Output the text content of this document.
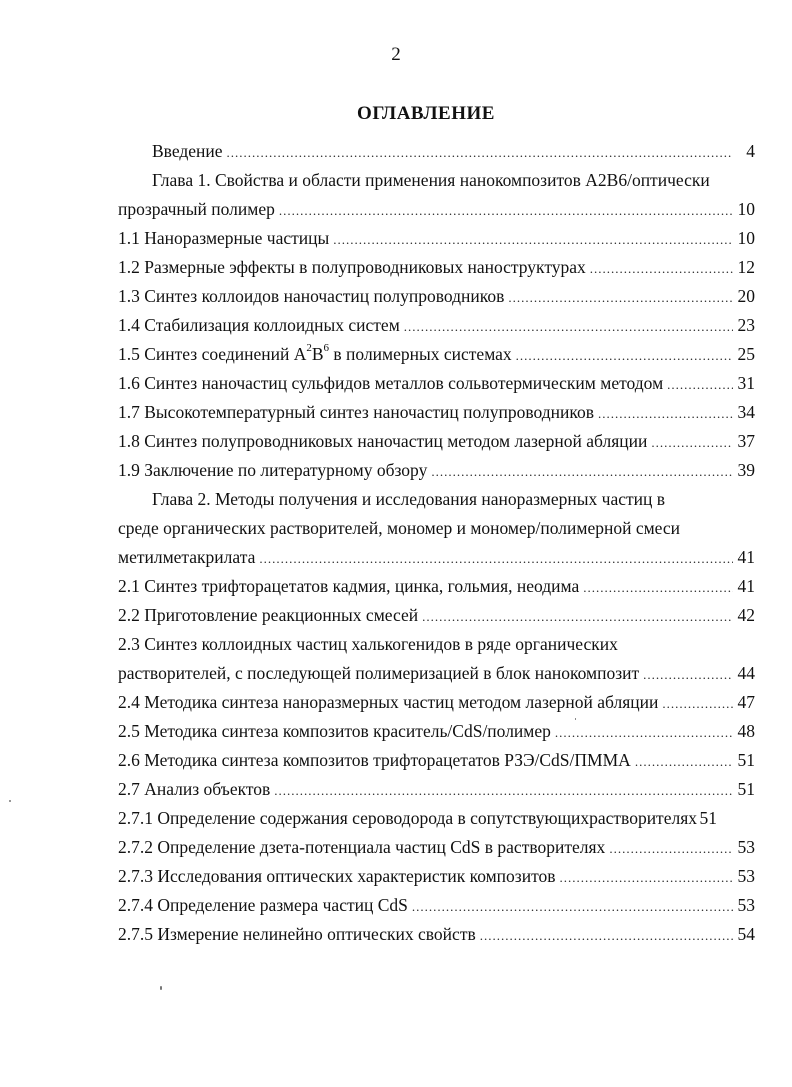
2
ОГЛАВЛЕНИЕ
Введение .....	4
Глава 1. Свойства и области применения нанокомпозитов А2В6/оптически
прозрачный полимер .....	10
1.1 Наноразмерные частицы .....	10
1.2 Размерные эффекты в полупроводниковых наноструктурах .....	12
1.3 Синтез коллоидов наночастиц полупроводников .....	20
1.4 Стабилизация коллоидных систем .....	23
1.5 Синтез соединений $A^2B^6$ в полимерных системах .....	25
1.6 Синтез наночастиц сульфидов металлов сольвотермическим методом .....	31
1.7 Высокотемпературный синтез наночастиц полупроводников .....	34
1.8 Синтез полупроводниковых наночастиц методом лазерной абляции .....	37
1.9 Заключение по литературному обзору .....	39
Глава 2. Методы получения и исследования наноразмерных частиц в
среде органических растворителей, мономер и мономер/полимерной смеси
метилметакрилата .....	41
2.1 Синтез трифторацетатов кадмия, цинка, гольмия, неодима .....	41
2.2 Приготовление реакционных смесей .....	42
2.3 Синтез коллоидных частиц халькогенидов в ряде органических
растворителей, с последующей полимеризацией в блок нанокомпозит .....	44
2.4 Методика синтеза наноразмерных частиц методом лазерной абляции .....	47
2.5 Методика синтеза композитов краситель/CdS/полимер .....	48
2.6 Методика синтеза композитов трифторацетатов РЗЭ/CdS/ПММА .....	51
2.7 Анализ объектов .....	51
2.7.1 Определение содержания сероводорода в сопутствующихрастворителях 51
2.7.2 Определение дзета-потенциала частиц CdS в растворителях .....	53
2.7.3 Исследования оптических характеристик композитов .....	53
2.7.4 Определение размера частиц CdS .....	53
2.7.5 Измерение нелинейно оптических свойств .....	54
